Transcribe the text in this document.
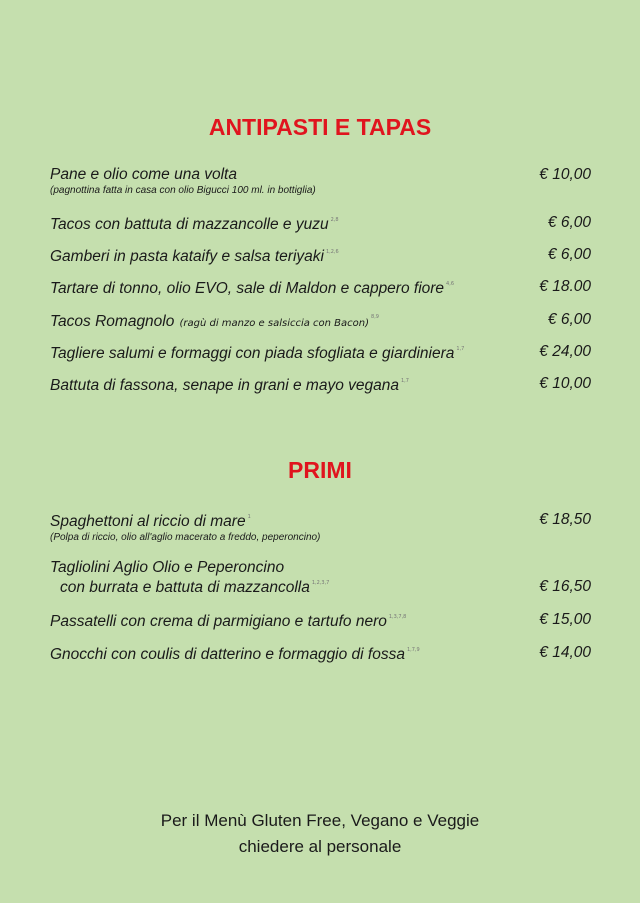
ANTIPASTI E TAPAS
Pane e olio come una volta
(pagnottina fatta in casa con olio Bigucci 100 ml. in bottiglia)
€ 10,00
Tacos con battuta di mazzancolle e yuzu $^{2,8}$	€ 6,00
Gamberi in pasta kataify e salsa teriyaki $^{1,2,6}$	€ 6,00
Tartare di tonno, olio EVO, sale di Maldon e cappero fiore $^{4,6}$	€ 18.00
Tacos Romagnolo (ragù di manzo e salsiccia con Bacon)$^{8,9}$	€ 6,00
Tagliere salumi e formaggi con piada sfogliata e giardiniera $^{1,7}$	€ 24,00
Battuta di fassona, senape in grani e mayo vegana $^{1,7}$	€ 10,00
PRIMI
Spaghettoni al riccio di mare $^1$
(Polpa di riccio, olio all'aglio macerato a freddo, peperoncino)
€ 18,50
Tagliolini Aglio Olio e Peperoncino
con burrata e battuta di mazzancolla $^{1,2,3,7}$	€ 16,50
Passatelli con crema di parmigiano e tartufo nero $^{1,3,7,8}$	€ 15,00
Gnocchi con coulis di datterino e formaggio di fossa $^{1,7,9}$	€ 14,00
Per il Menù Gluten Free, Vegano e Veggie
chiedere al personale
